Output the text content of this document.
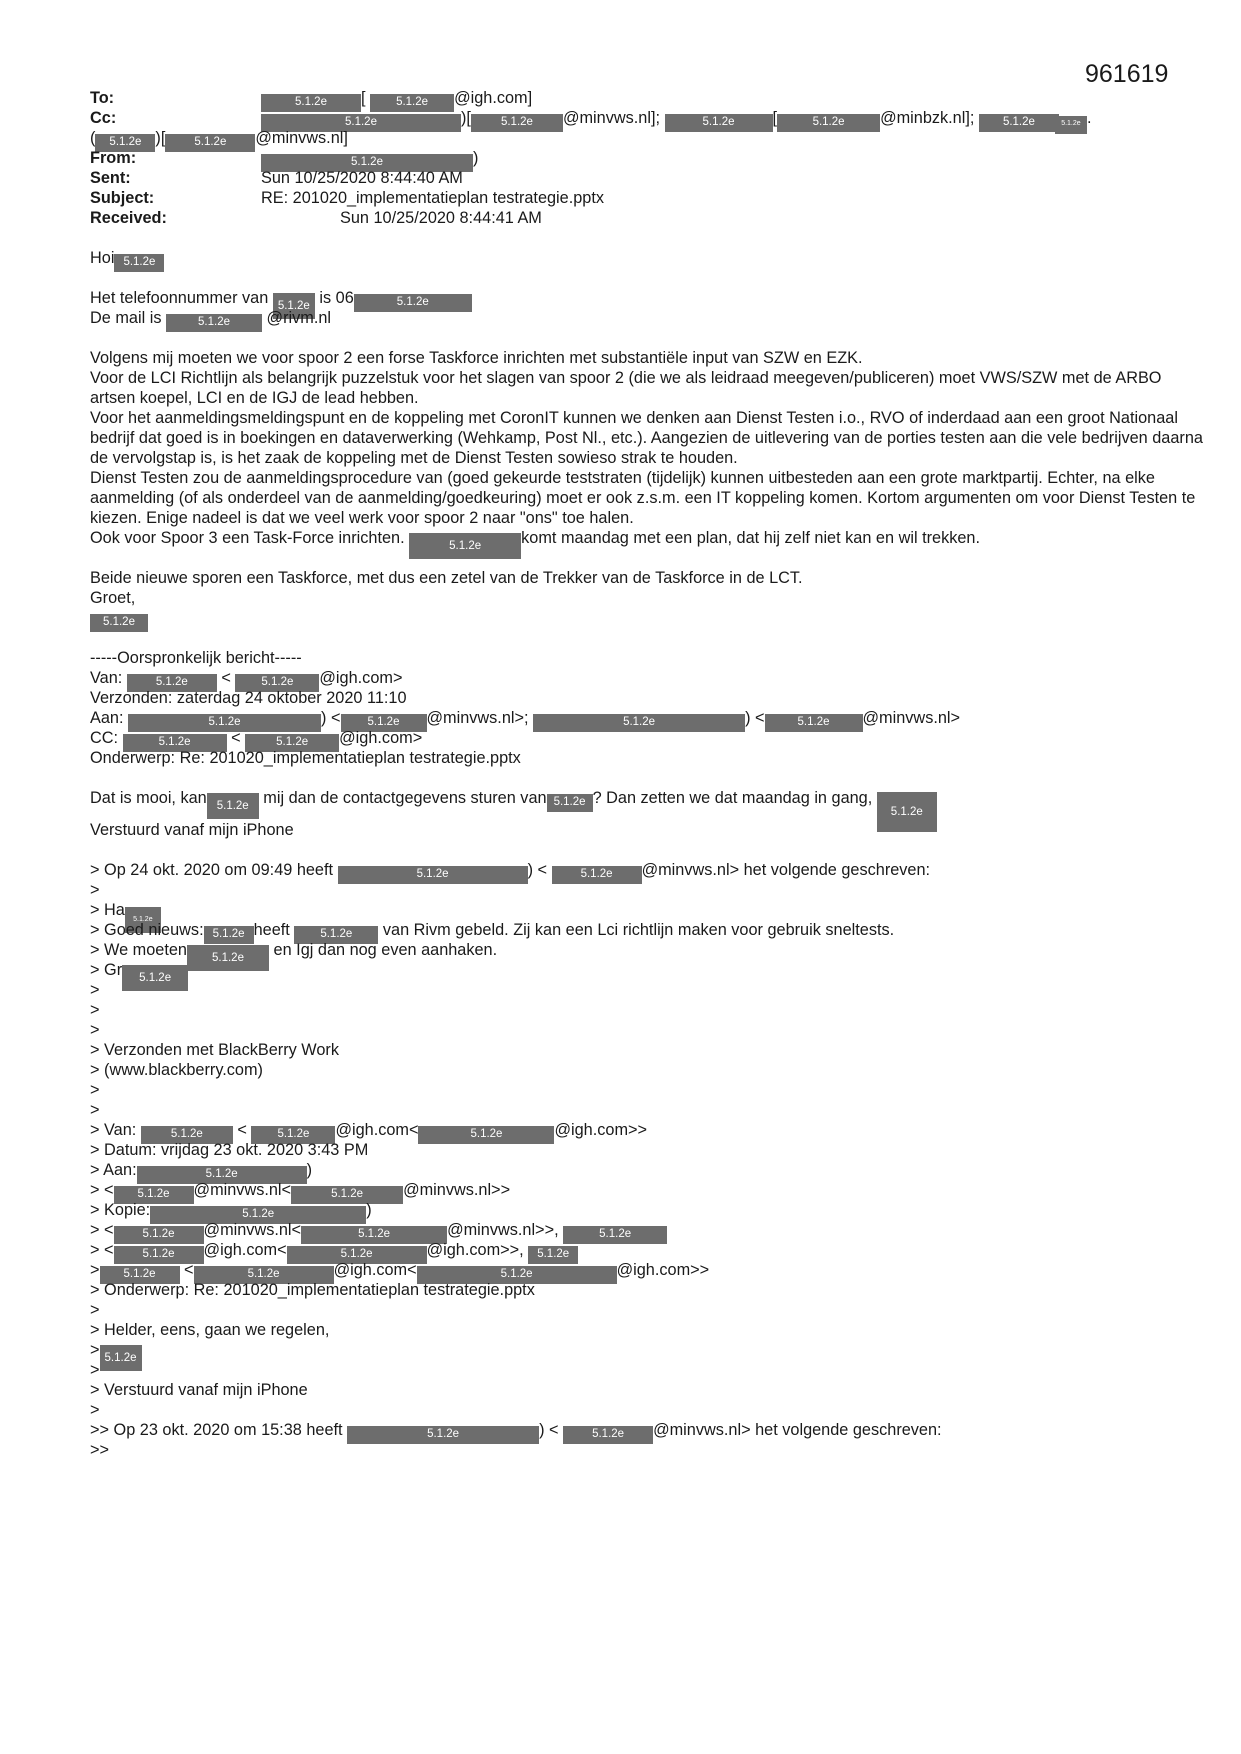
961619
To:	5.1.2e [	5.1.2e @igh.com]
Cc:	5.1.2e	)[	5.1.2e @minvws.nl];	5.1.2e [	5.1.2e @minbzk.nl]; 5.1.2e	5.1.2e .
( 5.1.2e )[	5.1.2e @minvws.nl]
From:	5.1.2e	)
Sent:	Sun 10/25/2020 8:44:40 AM
Subject:	RE: 201020_implementatieplan testrategie.pptx
Received:	Sun 10/25/2020 8:44:41 AM
Hoi 5.1.2e
Het telefoonnummer van 5.1.2e is 06	5.1.2e
De mail is	5.1.2e @rivm.nl
Volgens mij moeten we voor spoor 2 een forse Taskforce inrichten met substantiële input van SZW en EZK.
Voor de LCI Richtlijn als belangrijk puzzelstuk voor het slagen van spoor 2 (die we als leidraad meegeven/publiceren) moet VWS/SZW met de ARBO artsen koepel, LCI en de IGJ de lead hebben.
Voor het aanmeldingsmeldingspunt en de koppeling met CoronIT kunnen we denken aan Dienst Testen i.o., RVO of inderdaad aan een groot Nationaal bedrijf dat goed is in boekingen en dataverwerking (Wehkamp, Post Nl., etc.). Aangezien de uitlevering van de porties testen aan die vele bedrijven daarna de vervolgstap is, is het zaak de koppeling met de Dienst Testen sowieso strak te houden.
Dienst Testen zou de aanmeldingsprocedure van (goed gekeurde teststraten (tijdelijk) kunnen uitbesteden aan een grote marktpartij. Echter, na elke aanmelding (of als onderdeel van de aanmelding/goedkeuring) moet er ook z.s.m. een IT koppeling komen. Kortom argumenten om voor Dienst Testen te kiezen. Enige nadeel is dat we veel werk voor spoor 2 naar "ons" toe halen.
Ook voor Spoor 3 een Task-Force inrichten.	5.1.2e komt maandag met een plan, dat hij zelf niet kan en wil trekken.
Beide nieuwe sporen een Taskforce, met dus een zetel van de Trekker van de Taskforce in de LCT.
Groet,
5.1.2e
-----Oorspronkelijk bericht-----
Van:	5.1.2e <	5.1.2e @igh.com>
Verzonden: zaterdag 24 oktober 2020 11:10
Aan:	5.1.2e	) < 5.1.2e @minvws.nl>;	5.1.2e	) <	5.1.2e @minvws.nl>
CC:	5.1.2e <	5.1.2e @igh.com>
Onderwerp: Re: 201020_implementatieplan testrategie.pptx
Dat is mooi, kan 5.1.2e mij dan de contactgegevens sturen van 5.1.2e ? Dan zetten we dat maandag in gang, 5.1.2e
Verstuurd vanaf mijn iPhone
> Op 24 okt. 2020 om 09:49 heeft	5.1.2e	) <	5.1.2e @minvws.nl> het volgende geschreven:
>
> Ha5.1.2e
> Goed nieuws: 5.1.2e heeft	5.1.2e van Rivm gebeld. Zij kan een Lci richtlijn maken voor gebruik sneltests.
> We moeten 5.1.2e en Igj dan nog even aanhaken.
> Gr 5.1.2e
>
>
>
> Verzonden met BlackBerry Work
> (www.blackberry.com)
>
>
> Van:	5.1.2e <	5.1.2e @igh.com<	5.1.2e	@igh.com>>
> Datum: vrijdag 23 okt. 2020 3:43 PM
> Aan:	5.1.2e	)
> < 5.1.2e @minvws.nl<	5.1.2e @minvws.nl>>
> Kopie:	5.1.2e	)
> <	5.1.2e @minvws.nl<	5.1.2e	@minvws.nl>>,	5.1.2e
> <	5.1.2e @igh.com<	5.1.2e	@igh.com>>, 5.1.2e
> 5.1.2e <	5.1.2e	@igh.com<	5.1.2e	@igh.com>>
> Onderwerp: Re: 201020_implementatieplan testrategie.pptx
>
> Helder, eens, gaan we regelen,
> 5.1.2e
>
> Verstuurd vanaf mijn iPhone
>
>> Op 23 okt. 2020 om 15:38 heeft	5.1.2e	) <	5.1.2e @minvws.nl> het volgende geschreven:
>>
